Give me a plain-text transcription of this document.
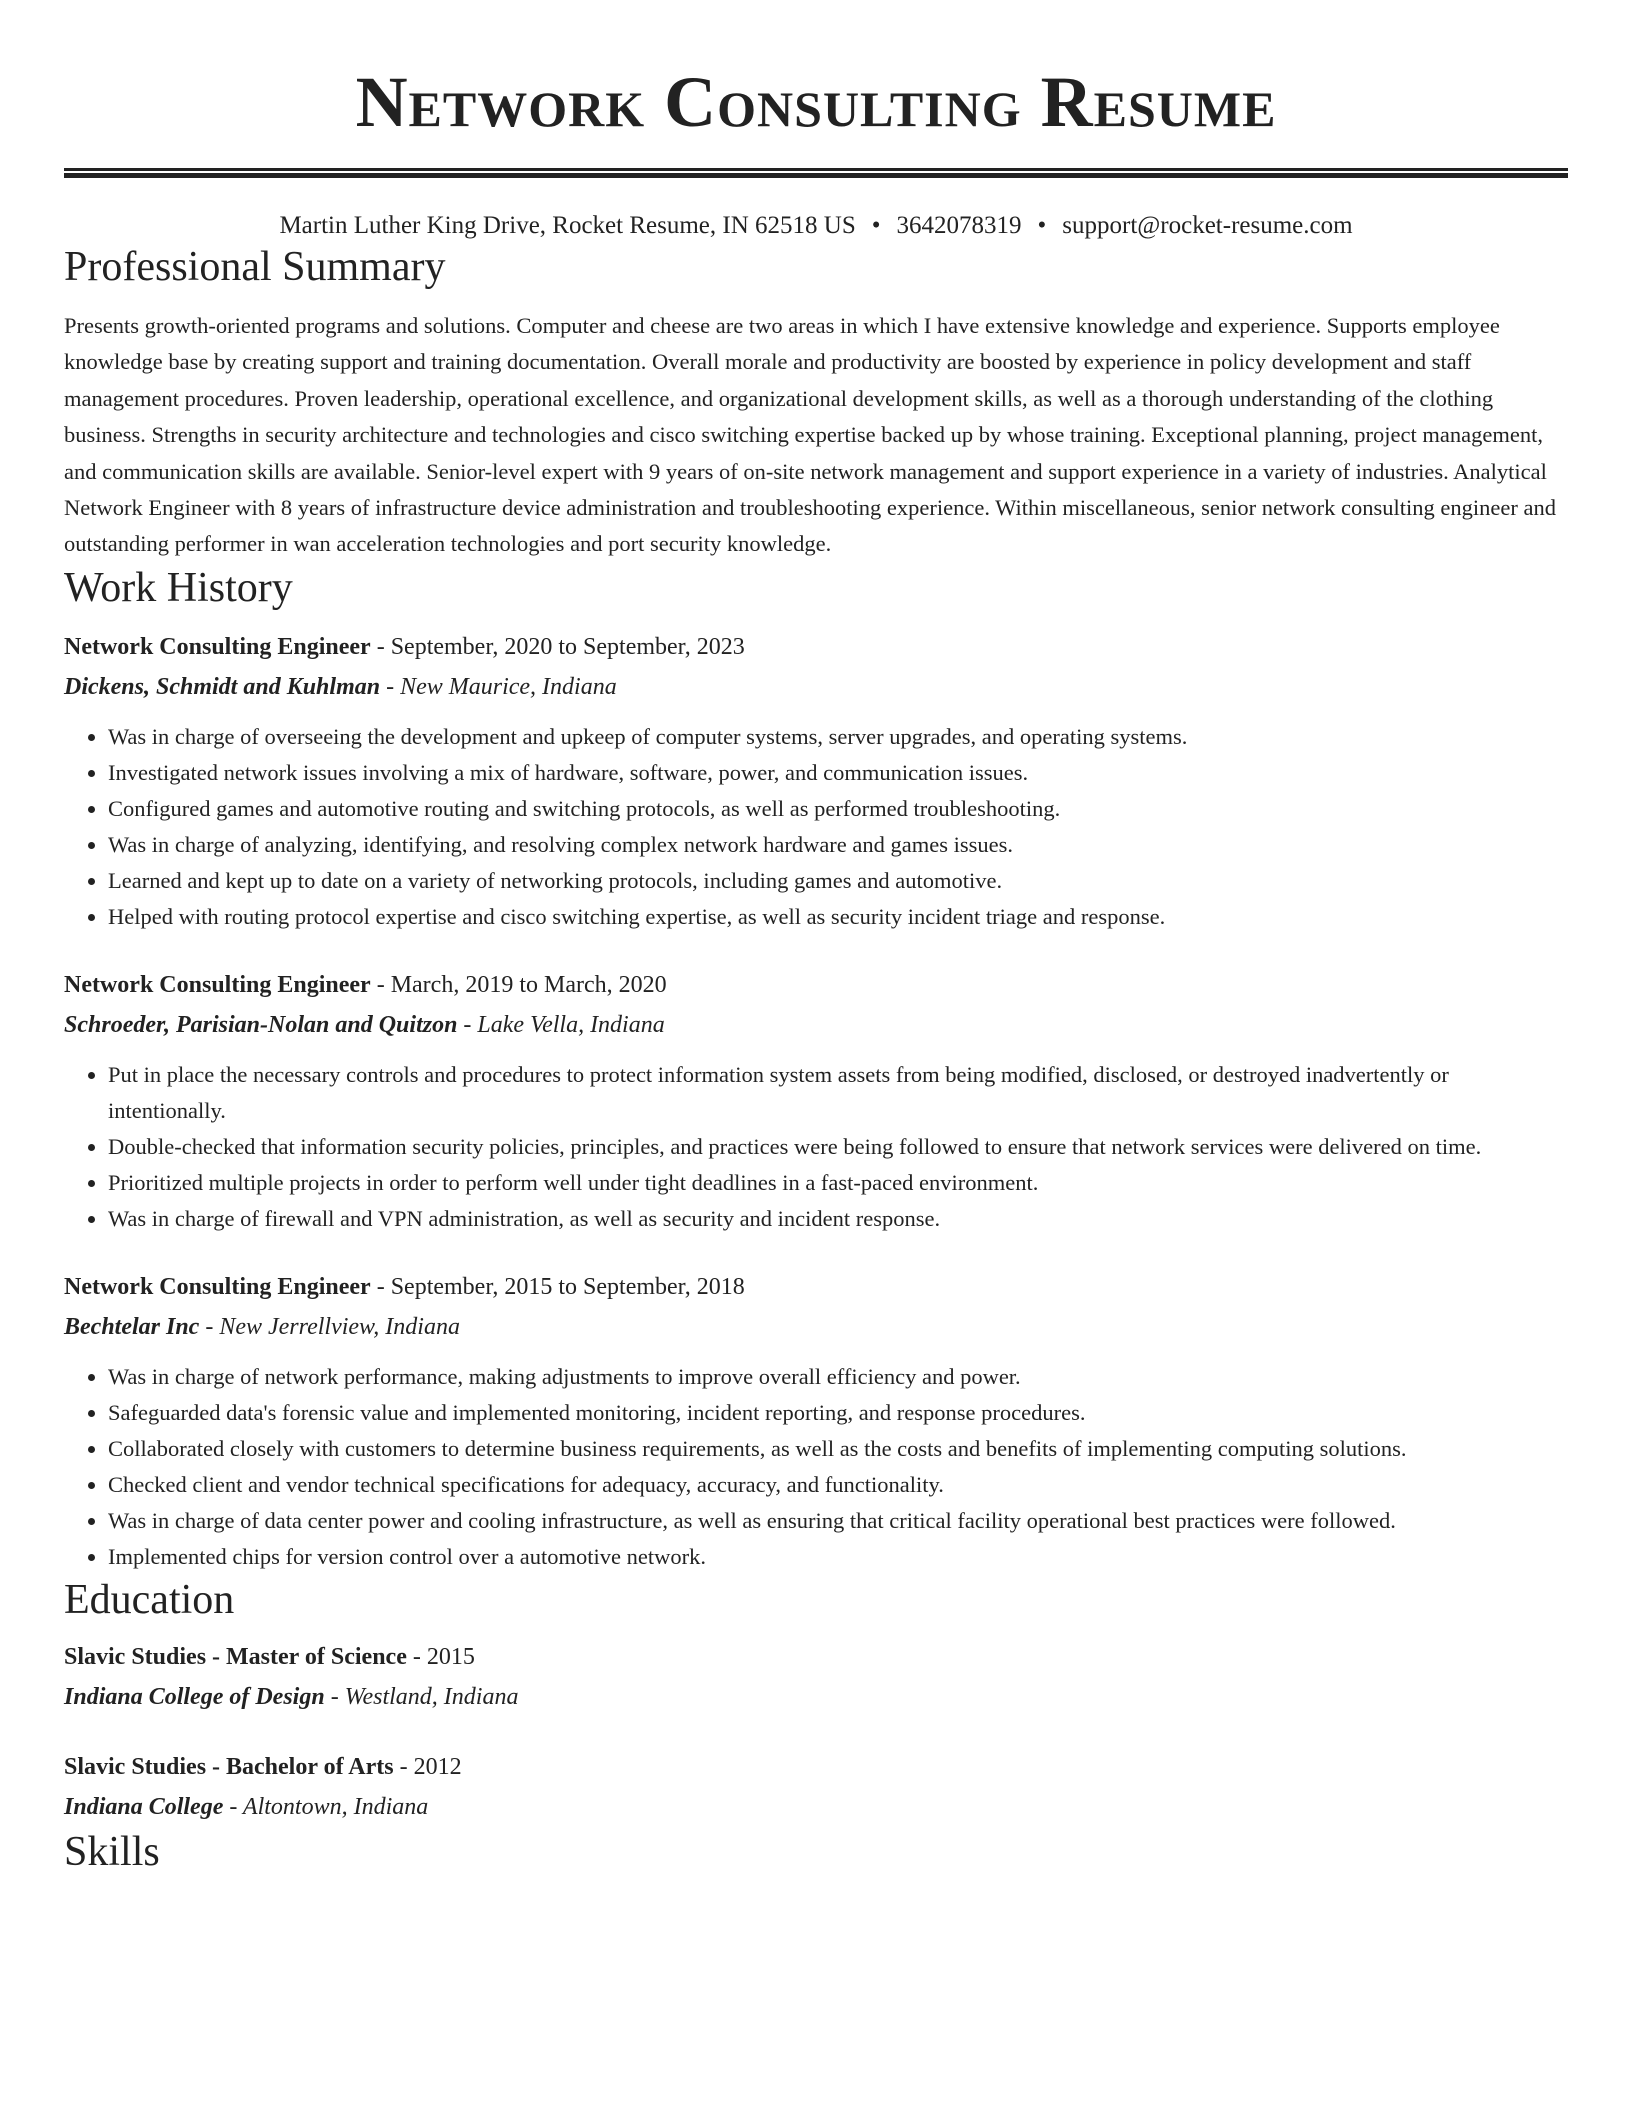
Network Consulting Resume
Martin Luther King Drive, Rocket Resume, IN 62518 US • 3642078319 • support@rocket-resume.com
Professional Summary
Presents growth-oriented programs and solutions. Computer and cheese are two areas in which I have extensive knowledge and experience. Supports employee knowledge base by creating support and training documentation. Overall morale and productivity are boosted by experience in policy development and staff management procedures. Proven leadership, operational excellence, and organizational development skills, as well as a thorough understanding of the clothing business. Strengths in security architecture and technologies and cisco switching expertise backed up by whose training. Exceptional planning, project management, and communication skills are available. Senior-level expert with 9 years of on-site network management and support experience in a variety of industries. Analytical Network Engineer with 8 years of infrastructure device administration and troubleshooting experience. Within miscellaneous, senior network consulting engineer and outstanding performer in wan acceleration technologies and port security knowledge.
Work History
Network Consulting Engineer - September, 2020 to September, 2023
Dickens, Schmidt and Kuhlman - New Maurice, Indiana
• Was in charge of overseeing the development and upkeep of computer systems, server upgrades, and operating systems.
• Investigated network issues involving a mix of hardware, software, power, and communication issues.
• Configured games and automotive routing and switching protocols, as well as performed troubleshooting.
• Was in charge of analyzing, identifying, and resolving complex network hardware and games issues.
• Learned and kept up to date on a variety of networking protocols, including games and automotive.
• Helped with routing protocol expertise and cisco switching expertise, as well as security incident triage and response.
Network Consulting Engineer - March, 2019 to March, 2020
Schroeder, Parisian-Nolan and Quitzon - Lake Vella, Indiana
• Put in place the necessary controls and procedures to protect information system assets from being modified, disclosed, or destroyed inadvertently or intentionally.
• Double-checked that information security policies, principles, and practices were being followed to ensure that network services were delivered on time.
• Prioritized multiple projects in order to perform well under tight deadlines in a fast-paced environment.
• Was in charge of firewall and VPN administration, as well as security and incident response.
Network Consulting Engineer - September, 2015 to September, 2018
Bechtelar Inc - New Jerrellview, Indiana
• Was in charge of network performance, making adjustments to improve overall efficiency and power.
• Safeguarded data's forensic value and implemented monitoring, incident reporting, and response procedures.
• Collaborated closely with customers to determine business requirements, as well as the costs and benefits of implementing computing solutions.
• Checked client and vendor technical specifications for adequacy, accuracy, and functionality.
• Was in charge of data center power and cooling infrastructure, as well as ensuring that critical facility operational best practices were followed.
• Implemented chips for version control over a automotive network.
Education
Slavic Studies - Master of Science - 2015
Indiana College of Design - Westland, Indiana
Slavic Studies - Bachelor of Arts - 2012
Indiana College - Altontown, Indiana
Skills
